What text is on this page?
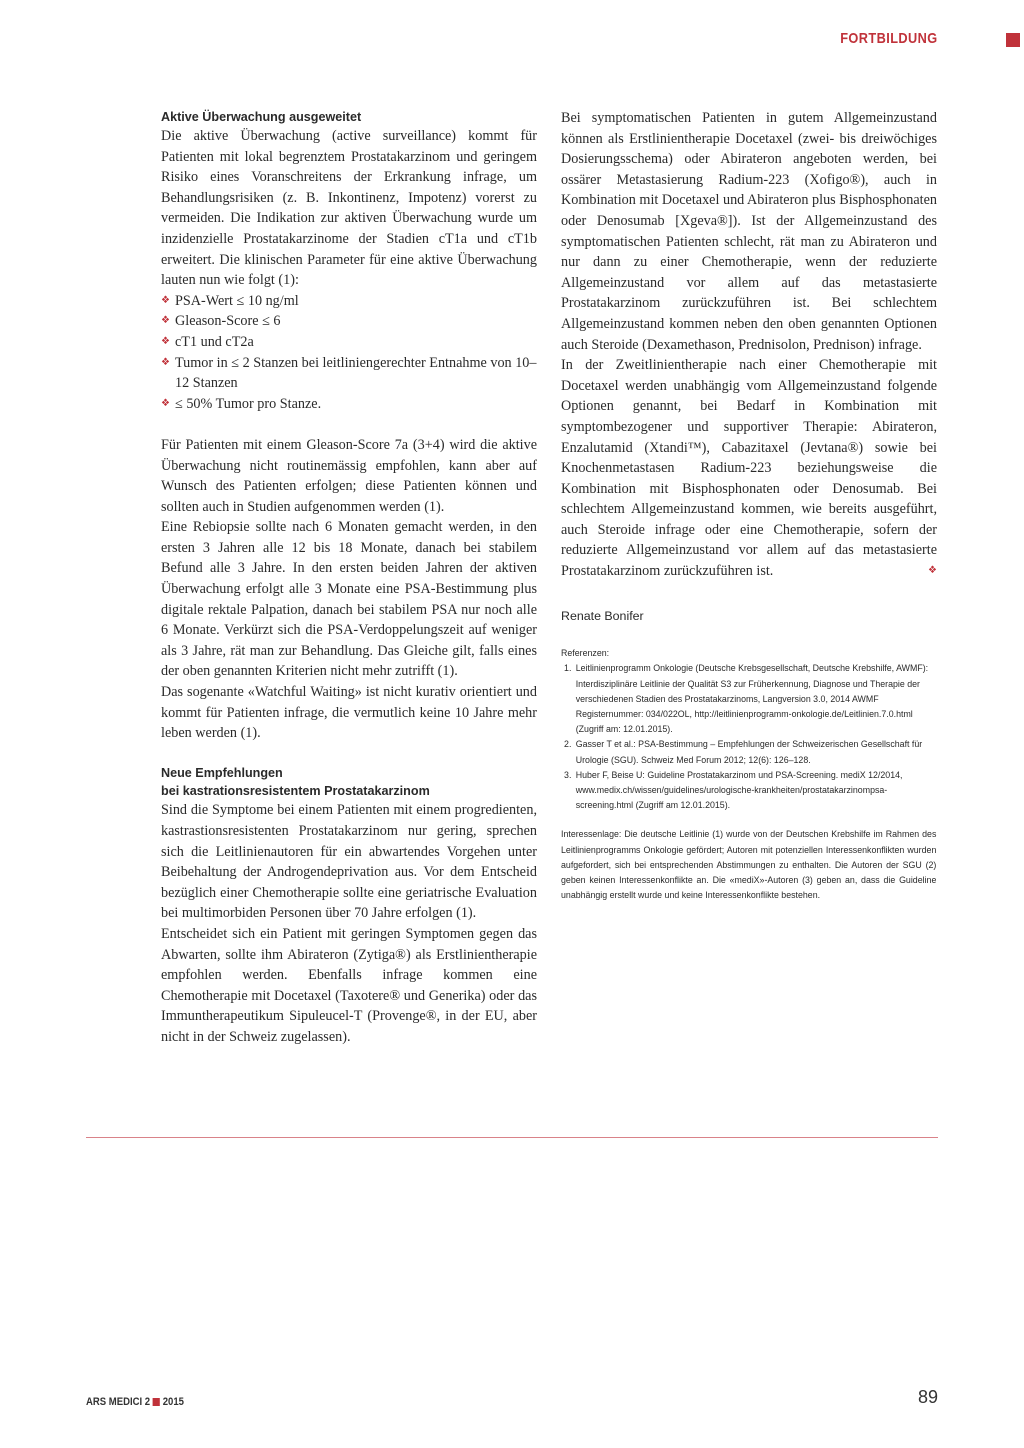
FORTBILDUNG
Aktive Überwachung ausgeweitet

Die aktive Überwachung (active surveillance) kommt für Patienten mit lokal begrenztem Prostatakarzinom und geringem Risiko eines Voranschreitens der Erkrankung infrage, um Behandlungsrisiken (z. B. Inkontinenz, Impotenz) vorerst zu vermeiden. Die Indikation zur aktiven Überwachung wurde um inzidenzielle Prostatakarzinome der Stadien cT1a und cT1b erweitert. Die klinischen Parameter für eine aktive Überwachung lauten nun wie folgt (1):

❖ PSA-Wert ≤ 10 ng/ml
❖ Gleason-Score ≤ 6
❖ cT1 und cT2a
❖ Tumor in ≤ 2 Stanzen bei leitliniengerechter Entnahme von 10–12 Stanzen
❖ ≤ 50% Tumor pro Stanze.

Für Patienten mit einem Gleason-Score 7a (3+4) wird die aktive Überwachung nicht routinemässig empfohlen, kann aber auf Wunsch des Patienten erfolgen; diese Patienten können und sollten auch in Studien aufgenommen werden (1).

Eine Rebiopsie sollte nach 6 Monaten gemacht werden, in den ersten 3 Jahren alle 12 bis 18 Monate, danach bei stabilem Befund alle 3 Jahre. In den ersten beiden Jahren der aktiven Überwachung erfolgt alle 3 Monate eine PSA-Bestimmung plus digitale rektale Palpation, danach bei stabilem PSA nur noch alle 6 Monate. Verkürzt sich die PSA-Verdoppelungszeit auf weniger als 3 Jahre, rät man zur Behandlung. Das Gleiche gilt, falls eines der oben genannten Kriterien nicht mehr zutrifft (1).

Das sogenante «Watchful Waiting» ist nicht kurativ orientiert und kommt für Patienten infrage, die vermutlich keine 10 Jahre mehr leben werden (1).

Neue Empfehlungen
bei kastrationsresistentem Prostatakarzinom

Sind die Symptome bei einem Patienten mit einem progredienten, kastrastionsresistenten Prostatakarzinom nur gering, sprechen sich die Leitlinienautoren für ein abwartendes Vorgehen unter Beibehaltung der Androgendeprivation aus. Vor dem Entscheid bezüglich einer Chemotherapie sollte eine geriatrische Evaluation bei multimorbiden Personen über 70 Jahre erfolgen (1).

Entscheidet sich ein Patient mit geringen Symptomen gegen das Abwarten, sollte ihm Abirateron (Zytiga®) als Erstlinientherapie empfohlen werden. Ebenfalls infrage kommen eine Chemotherapie mit Docetaxel (Taxotere® und Generika) oder das Immuntherapeutikum Sipuleucel-T (Provenge®, in der EU, aber nicht in der Schweiz zugelassen).

Bei symptomatischen Patienten in gutem Allgemeinzustand können als Erstlinientherapie Docetaxel (zwei- bis dreiwöchiges Dosierungsschema) oder Abirateron angeboten werden, bei ossärer Metastasierung Radium-223 (Xofigo®), auch in Kombination mit Docetaxel und Abirateron plus Bisphosphonaten oder Denosumab [Xgeva®]). Ist der Allgemeinzustand des symptomatischen Patienten schlecht, rät man zu Abirateron und nur dann zu einer Chemotherapie, wenn der reduzierte Allgemeinzustand vor allem auf das metastasierte Prostatakarzinom zurückzuführen ist. Bei schlechtem Allgemeinzustand kommen neben den oben genannten Optionen auch Steroide (Dexamethason, Prednisolon, Prednison) infrage.

In der Zweitlinientherapie nach einer Chemotherapie mit Docetaxel werden unabhängig vom Allgemeinzustand folgende Optionen genannt, bei Bedarf in Kombination mit symptombezogener und supportiver Therapie: Abirateron, Enzalutamid (Xtandi™), Cabazitaxel (Jevtana®) sowie bei Knochenmetastasen Radium-223 beziehungsweise die Kombination mit Bisphosphonaten oder Denosumab. Bei schlechtem Allgemeinzustand kommen, wie bereits ausgeführt, auch Steroide infrage oder eine Chemotherapie, sofern der reduzierte Allgemeinzustand vor allem auf das metastasierte Prostatakarzinom zurückzuführen ist.	❖

Renate Bonifer

Referenzen:

1. Leitlinienprogramm Onkologie (Deutsche Krebsgesellschaft, Deutsche Krebshilfe, AWMF): Interdisziplinäre Leitlinie der Qualität S3 zur Früherkennung, Diagnose und Therapie der verschiedenen Stadien des Prostatakarzinoms, Langversion 3.0, 2014 AWMF Registernummer: 034/022OL, http://leitlinienprogramm-onkologie.de/Leitlinien.7.0.html (Zugriff am: 12.01.2015).
2. Gasser T et al.: PSA-Bestimmung – Empfehlungen der Schweizerischen Gesellschaft für Urologie (SGU). Schweiz Med Forum 2012; 12(6): 126–128.
3. Huber F, Beise U: Guideline Prostatakarzinom und PSA-Screening. mediX 12/2014, www.medix.ch/wissen/guidelines/urologische-krankheiten/prostatakarzinompsa-screening.html (Zugriff am 12.01.2015).
Interessenlage: Die deutsche Leitlinie (1) wurde von der Deutschen Krebshilfe im Rahmen des Leitlinienprogramms Onkologie gefördert; Autoren mit potenziellen Interessenkonflikten wurden aufgefordert, sich bei entsprechenden Abstimmungen zu enthalten. Die Autoren der SGU (2) geben keinen Interessenkonflikte an. Die «mediX»-Autoren (3) geben an, dass die Guideline unabhängig erstellt wurde und keine Interessenkonflikte bestehen.
ARS MEDICI 2 2015	89
